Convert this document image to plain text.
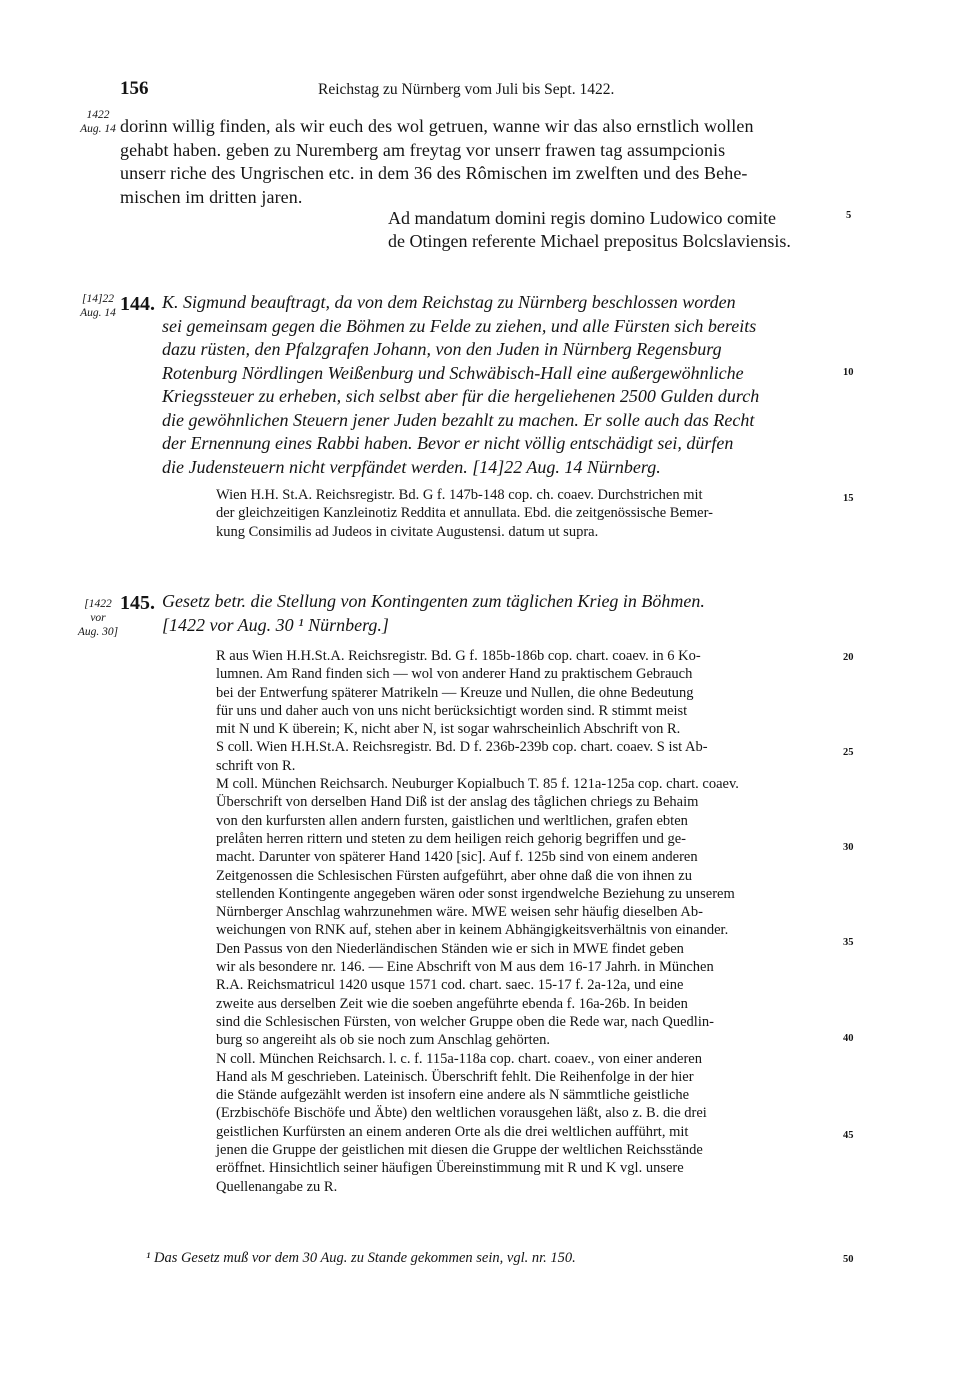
156	Reichstag zu Nürnberg vom Juli bis Sept. 1422.
1422
Aug. 14
[14]22
Aug. 14
[1422
vor
Aug. 30]
5
10
15
20
25
30
35
40
45
50
dorinn willig finden, als wir euch des wol getruen, wanne wir das also ernstlich wollen
gehabt haben. geben zu Nuremberg am freytag vor unserr frawen tag assumpcionis
unserr riche des Ungrischen etc. in dem 36 des Rômischen im zwelften und des Behe-
mischen im dritten jaren.
Ad mandatum domini regis domino Ludowico comite
de Otingen referente Michael prepositus Bolcslaviensis.
144. K. Sigmund beauftragt, da von dem Reichstag zu Nürnberg beschlossen worden
sei gemeinsam gegen die Böhmen zu Felde zu ziehen, und alle Fürsten sich bereits
dazu rüsten, den Pfalzgrafen Johann, von den Juden in Nürnberg Regensburg
Rotenburg Nördlingen Weißenburg und Schwäbisch-Hall eine außergewöhnliche
Kriegssteuer zu erheben, sich selbst aber für die hergeliehenen 2500 Gulden durch
die gewöhnlichen Steuern jener Juden bezahlt zu machen. Er solle auch das Recht
der Ernennung eines Rabbi haben. Bevor er nicht völlig entschädigt sei, dürfen
die Judensteuern nicht verpfändet werden. [14]22 Aug. 14 Nürnberg.
Wien H.H. St.A. Reichsregistr. Bd. G f. 147b-148 cop. ch. coaev. Durchstrichen mit
der gleichzeitigen Kanzleinotiz Reddita et annullata. Ebd. die zeitgenössische Bemer-
kung Consimilis ad Judeos in civitate Augustensi. datum ut supra.
145. Gesetz betr. die Stellung von Kontingenten zum täglichen Krieg in Böhmen.
[1422 vor Aug. 30 ¹ Nürnberg.]
R aus Wien H.H.St.A. Reichsregistr. Bd. G f. 185b-186b cop. chart. coaev. in 6 Ko-
lumnen. Am Rand finden sich — wol von anderer Hand zu praktischem Gebrauch
bei der Entwerfung späterer Matrikeln — Kreuze und Nullen, die ohne Bedeutung
für uns und daher auch von uns nicht berücksichtigt worden sind. R stimmt meist
mit N und K überein; K, nicht aber N, ist sogar wahrscheinlich Abschrift von R.
S coll. Wien H.H.St.A. Reichsregistr. Bd. D f. 236b-239b cop. chart. coaev. S ist Ab-
schrift von R.
M coll. München Reichsarch. Neuburger Kopialbuch T. 85 f. 121a-125a cop. chart. coaev.
Überschrift von derselben Hand Diß ist der anslag des tåglichen chriegs zu Behaim
von den kurfursten allen andern fursten, gaistlichen und werltlichen, grafen ebten
prelåten herren rittern und steten zu dem heiligen reich gehorig begriffen und ge-
macht. Darunter von späterer Hand 1420 [sic]. Auf f. 125b sind von einem anderen
Zeitgenossen die Schlesischen Fürsten aufgeführt, aber ohne daß die von ihnen zu
stellenden Kontingente angegeben wären oder sonst irgendwelche Beziehung zu unserem
Nürnberger Anschlag wahrzunehmen wäre. MWE weisen sehr häufig dieselben Ab-
weichungen von RNK auf, stehen aber in keinem Abhängigkeitsverhältnis von einander.
Den Passus von den Niederländischen Ständen wie er sich in MWE findet geben
wir als besondere nr. 146. — Eine Abschrift von M aus dem 16-17 Jahrh. in München
R.A. Reichsmatricul 1420 usque 1571 cod. chart. saec. 15-17 f. 2a-12a, und eine
zweite aus derselben Zeit wie die soeben angeführte ebenda f. 16a-26b. In beiden
sind die Schlesischen Fürsten, von welcher Gruppe oben die Rede war, nach Quedlin-
burg so angereiht als ob sie noch zum Anschlag gehörten.
N coll. München Reichsarch. l. c. f. 115a-118a cop. chart. coaev., von einer anderen
Hand als M geschrieben. Lateinisch. Überschrift fehlt. Die Reihenfolge in der hier
die Stände aufgezählt werden ist insofern eine andere als N sämmtliche geistliche
(Erzbischöfe Bischöfe und Äbte) den weltlichen vorausgehen läßt, also z. B. die drei
geistlichen Kurfürsten an einem anderen Orte als die drei weltlichen aufführt, mit
jenen die Gruppe der geistlichen mit diesen die Gruppe der weltlichen Reichsstände
eröffnet. Hinsichtlich seiner häufigen Übereinstimmung mit R und K vgl. unsere
Quellenangabe zu R.
¹ Das Gesetz muß vor dem 30 Aug. zu Stande gekommen sein, vgl. nr. 150.
